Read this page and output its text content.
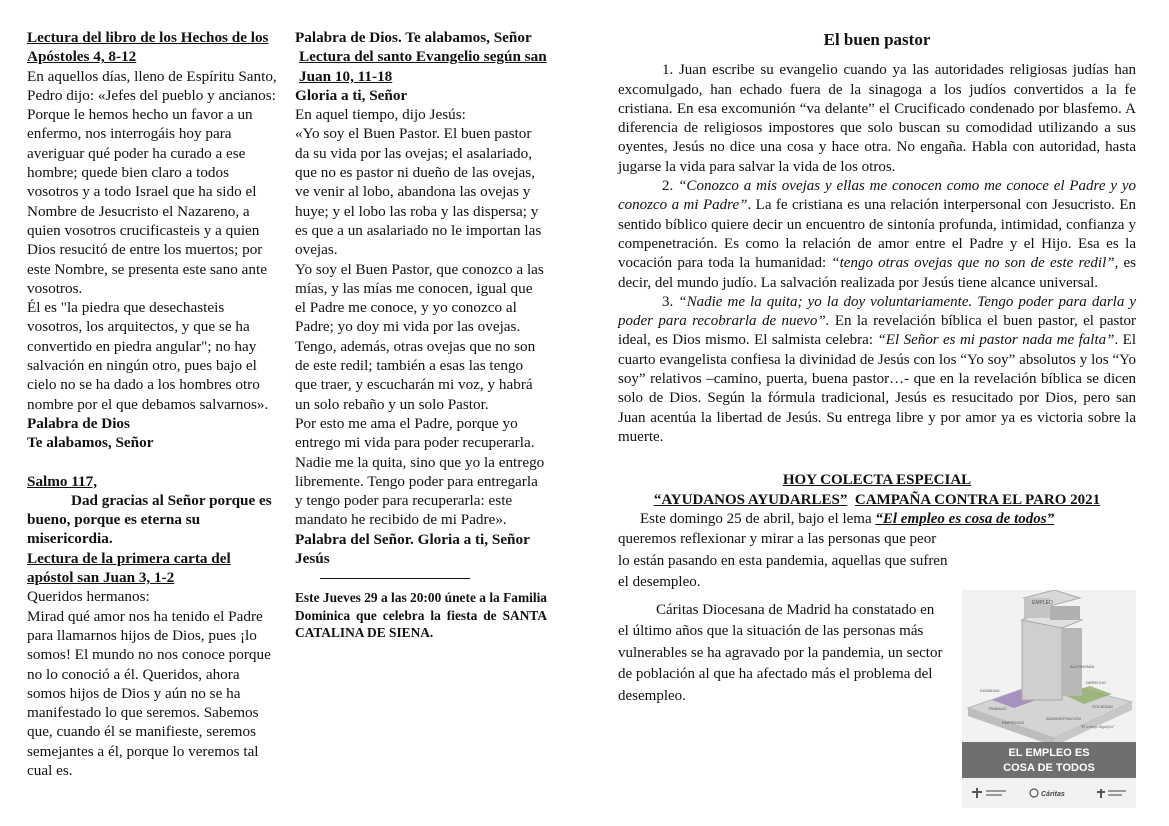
Lectura del libro de los Hechos de los Apóstoles 4, 8-12

En aquellos días, lleno de Espíritu Santo, Pedro dijo: «Jefes del pueblo y ancianos: Porque le hemos hecho un favor a un enfermo, nos interrogáis hoy para averiguar qué poder ha curado a ese hombre; quede bien claro a todos vosotros y a todo Israel que ha sido el Nombre de Jesucristo el Nazareno, a quien vosotros crucificasteis y a quien Dios resucitó de entre los muertos; por este Nombre, se presenta este sano ante vosotros.

Él es "la piedra que desechasteis vosotros, los arquitectos, y que se ha convertido en piedra angular"; no hay salvación en ningún otro, pues bajo el cielo no se ha dado a los hombres otro nombre por el que debamos salvarnos». Palabra de Dios

Te alabamos, Señor

Salmo 117,

Dad gracias al Señor porque es bueno, porque es eterna su misericordia.

Lectura de la primera carta del apóstol san Juan 3, 1-2

Queridos hermanos:

Mirad qué amor nos ha tenido el Padre para llamarnos hijos de Dios, pues ¡lo somos! El mundo no nos conoce porque no lo conoció a él. Queridos, ahora somos hijos de Dios y aún no se ha manifestado lo que seremos. Sabemos que, cuando él se manifieste, seremos semejantes a él, porque lo veremos tal cual es.

Palabra de Dios. Te alabamos, Señor

Lectura del santo Evangelio según san Juan 10, 11-18

Gloria a ti, Señor

En aquel tiempo, dijo Jesús:

«Yo soy el Buen Pastor. El buen pastor da su vida por las ovejas; el asalariado, que no es pastor ni dueño de las ovejas, ve venir al lobo, abandona las ovejas y huye; y el lobo las roba y las dispersa; y es que a un asalariado no le importan las ovejas.

Yo soy el Buen Pastor, que conozco a las mías, y las mías me conocen, igual que el Padre me conoce, y yo conozco al Padre; yo doy mi vida por las ovejas.

Tengo, además, otras ovejas que no son de este redil; también a esas las tengo que traer, y escucharán mi voz, y habrá un solo rebaño y un solo Pastor.

Por esto me ama el Padre, porque yo entrego mi vida para poder recuperarla. Nadie me la quita, sino que yo la entrego libremente. Tengo poder para entregarla y tengo poder para recuperarla: este mandato he recibido de mi Padre». Palabra del Señor. Gloria a ti, Señor Jesús

Este Jueves 29 a las 20:00 únete a la Familia Dominica que celebra la fiesta de SANTA CATALINA DE SIENA.

El buen pastor

1. Juan escribe su evangelio cuando ya las autoridades religiosas judías han excomulgado, han echado fuera de la sinagoga a los judíos convertidos a la fe cristiana. En esa excomunión “va delante” el Crucificado condenado por blasfemo. A diferencia de religiosos impostores que solo buscan su comodidad utilizando a sus oyentes, Jesús no dice una cosa y hace otra. No engaña. Habla con autoridad, hasta jugarse la vida para salvar la vida de los otros.

2. “Conozco a mis ovejas y ellas me conocen como me conoce el Padre y yo conozco a mi Padre”. La fe cristiana es una relación interpersonal con Jesucristo. En sentido bíblico quiere decir un encuentro de sintonía profunda, intimidad, confianza y compenetración. Es como la relación de amor entre el Padre y el Hijo. Esa es la vocación para toda la humanidad: “tengo otras ovejas que no son de este redil”, es decir, del mundo judío. La salvación realizada por Jesús tiene alcance universal.

3. “Nadie me la quita; yo la doy voluntariamente. Tengo poder para darla y poder para recobrarla de nuevo”. En la revelación bíblica el buen pastor, el pastor ideal, es Dios mismo. El salmista celebra: “El Señor es mi pastor nada me falta”. El cuarto evangelista confiesa la divinidad de Jesús con los “Yo soy” absolutos y los “Yo soy” relativos –camino, puerta, buena pastor…- que en la revelación bíblica se dicen solo de Dios. Según la fórmula tradicional, Jesús es resucitado por Dios, pero san Juan acentúa la libertad de Jesús. Su entrega libre y por amor ya es victoria sobre la muerte.

HOY COLECTA ESPECIAL

“AYUDANOS AYUDARLES” CAMPAÑA CONTRA EL PARO 2021

Este domingo 25 de abril, bajo el lema “El empleo es cosa de todos”

queremos reflexionar y mirar a las personas que peor lo están pasando en esta pandemia, aquellas que sufren el desempleo.

Cáritas Diocesana de Madrid ha constatado en el último años que la situación de las personas más vulnerables se ha agravado por la pandemia, un sector de población al que ha afectado más el problema del desempleo.

EMPLEO
DIGNIDAD
AUTONOMÍA
DERECHO
ADMINISTRACIÓN
EMPRESAS
TRABAJO	SOCIEDAD
"El trabajo dignifica"
EL EMPLEO ES
COSA DE TODOS
Cáritas
